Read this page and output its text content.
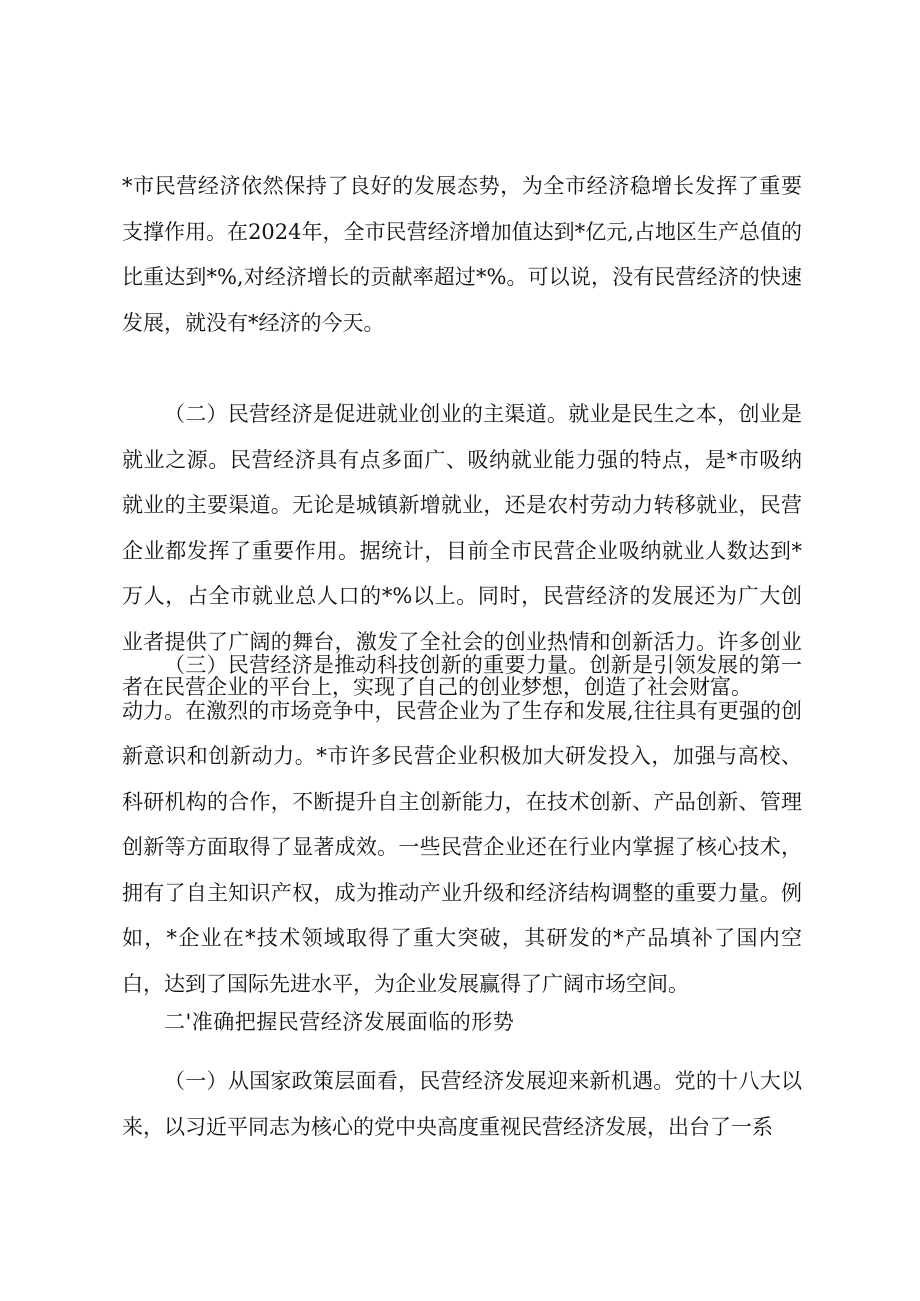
*市民营经济依然保持了良好的发展态势，为全市经济稳增长发挥了重要支撑作用。在2024年，全市民营经济增加值达到*亿元,占地区生产总值的比重达到*%,对经济增长的贡献率超过*%。可以说，没有民营经济的快速发展，就没有*经济的今天。

（二）民营经济是促进就业创业的主渠道。就业是民生之本，创业是就业之源。民营经济具有点多面广、吸纳就业能力强的特点，是*市吸纳就业的主要渠道。无论是城镇新增就业，还是农村劳动力转移就业，民营企业都发挥了重要作用。据统计，目前全市民营企业吸纳就业人数达到*万人，占全市就业总人口的*%以上。同时，民营经济的发展还为广大创业者提供了广阔的舞台，激发了全社会的创业热情和创新活力。许多创业者在民营企业的平台上，实现了自己的创业梦想，创造了社会财富。

（三）民营经济是推动科技创新的重要力量。创新是引领发展的第一动力。在激烈的市场竞争中，民营企业为了生存和发展,往往具有更强的创新意识和创新动力。*市许多民营企业积极加大研发投入，加强与高校、科研机构的合作，不断提升自主创新能力，在技术创新、产品创新、管理创新等方面取得了显著成效。一些民营企业还在行业内掌握了核心技术，拥有了自主知识产权，成为推动产业升级和经济结构调整的重要力量。例如，*企业在*技术领域取得了重大突破，其研发的*产品填补了国内空白，达到了国际先进水平，为企业发展赢得了广阔市场空间。

二'准确把握民营经济发展面临的形势

（一）从国家政策层面看，民营经济发展迎来新机遇。党的十八大以来，以习近平同志为核心的党中央高度重视民营经济发展，出台了一系
